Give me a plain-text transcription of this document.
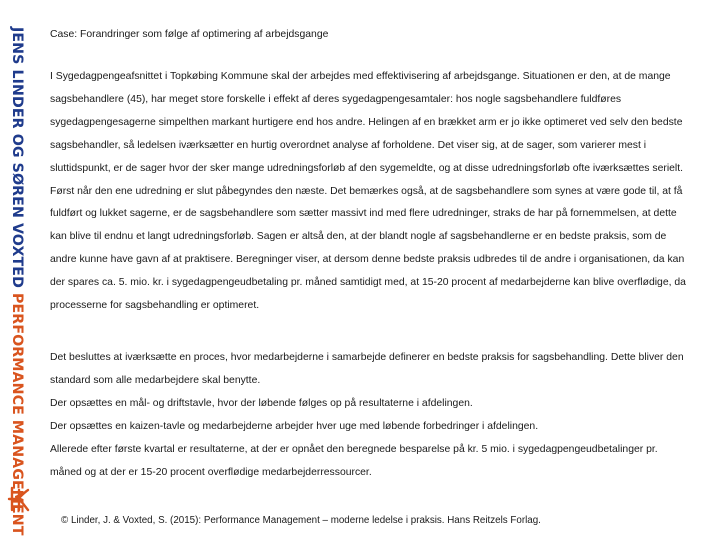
JENS LINDER OG SØREN VOXTED PERFORMANCE MANAGEMENT
Case: Forandringer som følge af optimering af arbejdsgange
I Sygedagpengeafsnittet i Topkøbing Kommune skal der arbejdes med effektivisering af arbejdsgange. Situationen er den, at de mange sagsbehandlere (45), har meget store forskelle i effekt af deres sygedagpengesamtaler: hos nogle sagsbehandlere fuldføres sygedagpengesagerne simpelthen markant hurtigere end hos andre. Helingen af en brækket arm er jo ikke optimeret ved selv den bedste sagsbehandler, så ledelsen iværksætter en hurtig overordnet analyse af forholdene. Det viser sig, at de sager, som varierer mest i sluttidspunkt, er de sager hvor der sker mange udredningsforløb af den sygemeldte, og at disse udredningsforløb ofte iværksættes serielt. Først når den ene udredning er slut påbegyndes den næste. Det bemærkes også, at de sagsbehandlere som synes at være gode til, at få fuldført og lukket sagerne, er de sagsbehandlere som sætter massivt ind med flere udredninger, straks de har på fornemmelsen, at dette kan blive til endnu et langt udredningsforløb. Sagen er altså den, at der blandt nogle af sagsbehandlerne er en bedste praksis, som de andre kunne have gavn af at praktisere. Beregninger viser, at dersom denne bedste praksis udbredes til de andre i organisationen, da kan der spares ca. 5. mio. kr. i sygedagpengeudbetaling pr. måned samtidigt med, at 15-20 procent af medarbejderne kan blive overflødige, da processerne for sagsbehandling er optimeret.
Det besluttes at iværksætte en proces, hvor medarbejderne i samarbejde definerer en bedste praksis for sagsbehandling. Dette bliver den standard som alle medarbejdere skal benytte.
Der opsættes en mål- og driftstavle, hvor der løbende følges op på resultaterne i afdelingen.
Der opsættes en kaizen-tavle og medarbejderne arbejder hver uge med løbende forbedringer i afdelingen.
Allerede efter første kvartal er resultaterne, at der er opnået den beregnede besparelse på kr. 5 mio. i sygedagpengeudbetalinger pr. måned og at der er 15-20 procent overflødige medarbejderressourcer.
© Linder, J. & Voxted, S. (2015): Performance Management – moderne ledelse i praksis. Hans Reitzels Forlag.
